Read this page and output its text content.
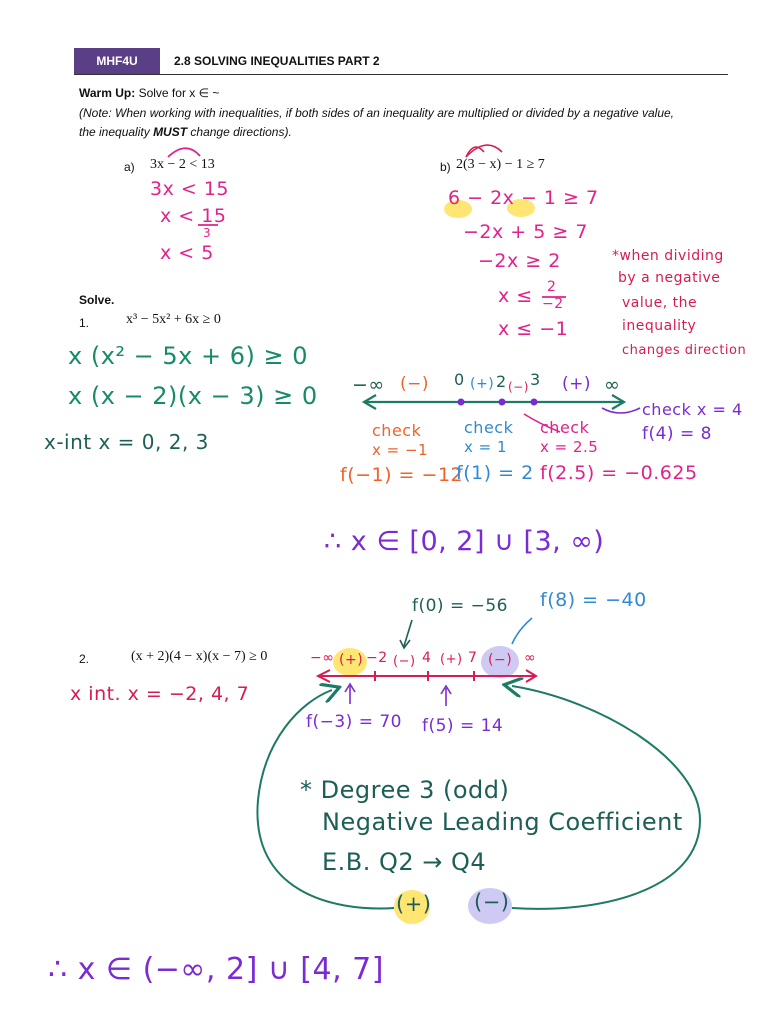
MHF4U	2.8 SOLVING INEQUALITIES PART 2
Warm Up: Solve for x ∈ ~
(Note: When working with inequalities, if both sides of an inequality are multiplied or divided by a negative value,
the inequality MUST change directions).
a) 3x − 2 < 13
3x < 15
x < 15
3
x < 5
b) 2(3 − x) − 1 ≥ 7
6 − 2x − 1 ≥ 7
−2x + 5 ≥ 7
−2x ≥ 2
x ≤ 2
−2
x ≤ −1
*when dividing
by a negative
value, the
inequality
changes direction
Solve.
1.	x³ − 5x² + 6x ≥ 0
x (x² − 5x + 6) ≥ 0
x (x − 2)(x − 3) ≥ 0
x-int x = 0, 2, 3
−∞ (−) 0 (+) 2 (−) 3 (+) ∞
check
x = −1
f(−1) = −12
check
x = 1
f(1) = 2
check
x = 2.5
f(2.5) = −0.625
check x = 4
f(4) = 8
∴ x ∈ [0, 2] ∪ [3, ∞)
2.	(x + 2)(4 − x)(x − 7) ≥ 0
x int. x = −2, 4, 7
−∞ (+) −2 (−) 4 (+) 7 (−) ∞
f(0) = −56 f(8) = −40
f(−3) = 70 f(5) = 14
* Degree 3 (odd)
Negative Leading Coefficient
E.B. Q2 → Q4
(+) (−)
∴ x ∈ (−∞, 2] ∪ [4, 7]
